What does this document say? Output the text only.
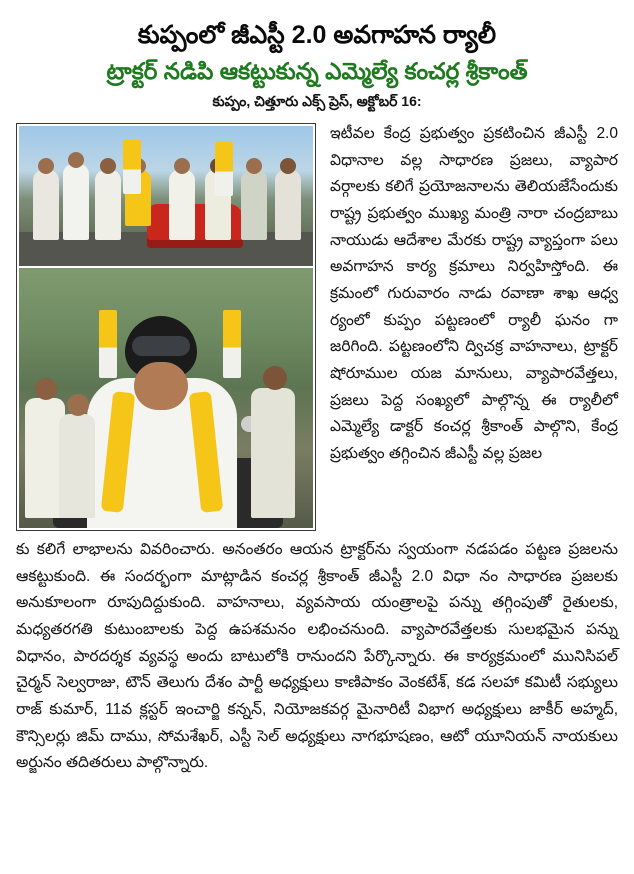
కుప్పంలో జీఎస్టీ 2.0 అవగాహన ర్యాలీ
ట్రాక్టర్ నడిపి ఆకట్టుకున్న ఎమ్మెల్యే కంచర్ల శ్రీకాంత్
కుప్పం, చిత్తూరు ఎక్స్‌ ప్రెస్, అక్టోబర్ 16:

ఇటీవల కేంద్ర ప్రభుత్వం ప్రకటించిన జీఎస్టీ 2.0 విధానాల వల్ల సాధారణ ప్రజలు, వ్యాపార వర్గాలకు కలిగే ప్రయోజనాలను తెలియజేసేందుకు రాష్ట్ర ప్రభుత్వం ముఖ్య మంత్రి నారా చంద్రబాబు నాయుడు ఆదేశాల మేరకు రాష్ట్ర వ్యాప్తంగా పలు అవగాహన కార్య క్రమాలు నిర్వహిస్తోంది. ఈ క్రమంలో గురువారం నాడు రవాణా శాఖ ఆధ్వ ర్యంలో కుప్పం పట్టణంలో ర్యాలీ ఘనం గా జరిగింది. పట్టణంలోని ద్విచక్ర వాహనాలు, ట్రాక్టర్ షోరూముల యజ మానులు, వ్యాపారవేత్తలు, ప్రజలు పెద్ద సంఖ్యలో పాల్గొన్న ఈ ర్యాలీలో ఎమ్మెల్యే డాక్టర్ కంచర్ల శ్రీకాంత్ పాల్గొని, కేంద్ర ప్రభుత్వం తగ్గించిన జీఎస్టీ వల్ల ప్రజల

కు కలిగే లాభాలను వివరించారు. అనంతరం ఆయన ట్రాక్టర్‌ను స్వయంగా నడపడం పట్టణ ప్రజలను ఆకట్టుకుంది. ఈ సందర్భంగా మాట్లాడిన కంచర్ల శ్రీకాంత్ జీఎస్టీ 2.0 విధా నం సాధారణ ప్రజలకు అనుకూలంగా రూపుదిద్దుకుంది. వాహనాలు, వ్యవసాయ యంత్రాలపై పన్ను తగ్గింపుతో రైతులకు, మధ్యతరగతి కుటుంబాలకు పెద్ద ఉపశమనం లభించనుంది. వ్యాపారవేత్తలకు సులభమైన పన్ను విధానం, పారదర్శక వ్యవస్థ అందు బాటులోకి రానుందని పేర్కొన్నారు. ఈ కార్యక్రమంలో మునిసిపల్ చైర్మన్ సెల్వరాజు, టౌన్ తెలుగు దేశం పార్టీ అధ్యక్షులు కాణిపాకం వెంకటేశ్, కడ సలహా కమిటీ సభ్యులు రాజ్ కుమార్, 11వ క్లస్టర్ ఇంచార్జి కన్నన్, నియోజకవర్గ మైనారిటీ విభాగ అధ్యక్షులు జాకీర్ అహ్మద్, కౌన్సిలర్లు జిమ్ దాము, సోమశేఖర్, ఎస్టీ సెల్ అధ్యక్షులు నాగభూషణం, ఆటో యూనియన్ నాయకులు అర్జునం తదితరులు పాల్గొన్నారు.
